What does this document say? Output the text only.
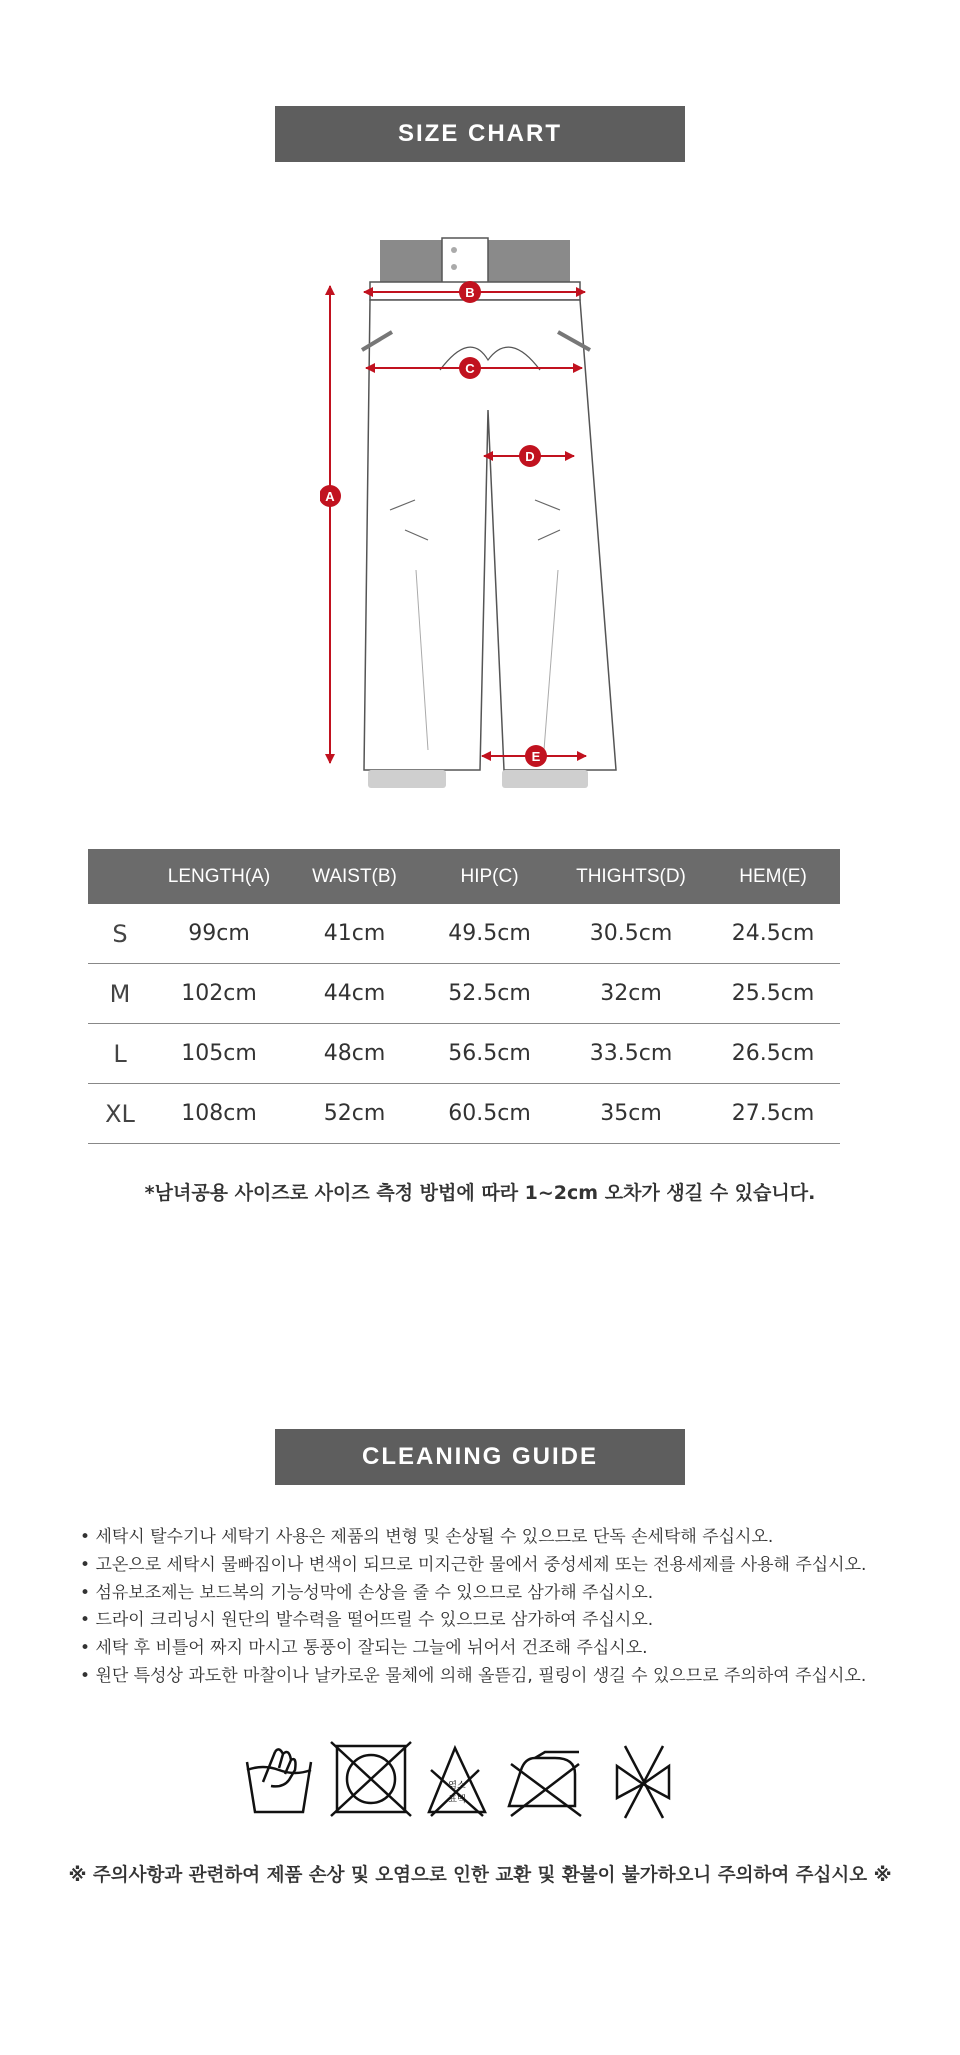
SIZE CHART
A
B
C
D
E
	LENGTH(A)	WAIST(B)	HIP(C)	THIGHTS(D)	HEM(E)
S	99cm	41cm	49.5cm	30.5cm	24.5cm
M	102cm	44cm	52.5cm	32cm	25.5cm
L	105cm	48cm	56.5cm	33.5cm	26.5cm
XL	108cm	52cm	60.5cm	35cm	27.5cm
*남녀공용 사이즈로 사이즈 측정 방법에 따라 1~2cm 오차가 생길 수 있습니다.
CLEANING GUIDE
• 세탁시 탈수기나 세탁기 사용은 제품의 변형 및 손상될 수 있으므로 단독 손세탁해 주십시오.
• 고온으로 세탁시 물빠짐이나 변색이 되므로 미지근한 물에서 중성세제 또는 전용세제를 사용해 주십시오.
• 섬유보조제는 보드복의 기능성막에 손상을 줄 수 있으므로 삼가해 주십시오.
• 드라이 크리닝시 원단의 발수력을 떨어뜨릴 수 있으므로 삼가하여 주십시오.
• 세탁 후 비틀어 짜지 마시고 통풍이 잘되는 그늘에 뉘어서 건조해 주십시오.
• 원단 특성상 과도한 마찰이나 날카로운 물체에 의해 올뜯김, 필링이 생길 수 있으므로 주의하여 주십시오.
염소
표백
※ 주의사항과 관련하여 제품 손상 및 오염으로 인한 교환 및 환불이 불가하오니 주의하여 주십시오 ※
